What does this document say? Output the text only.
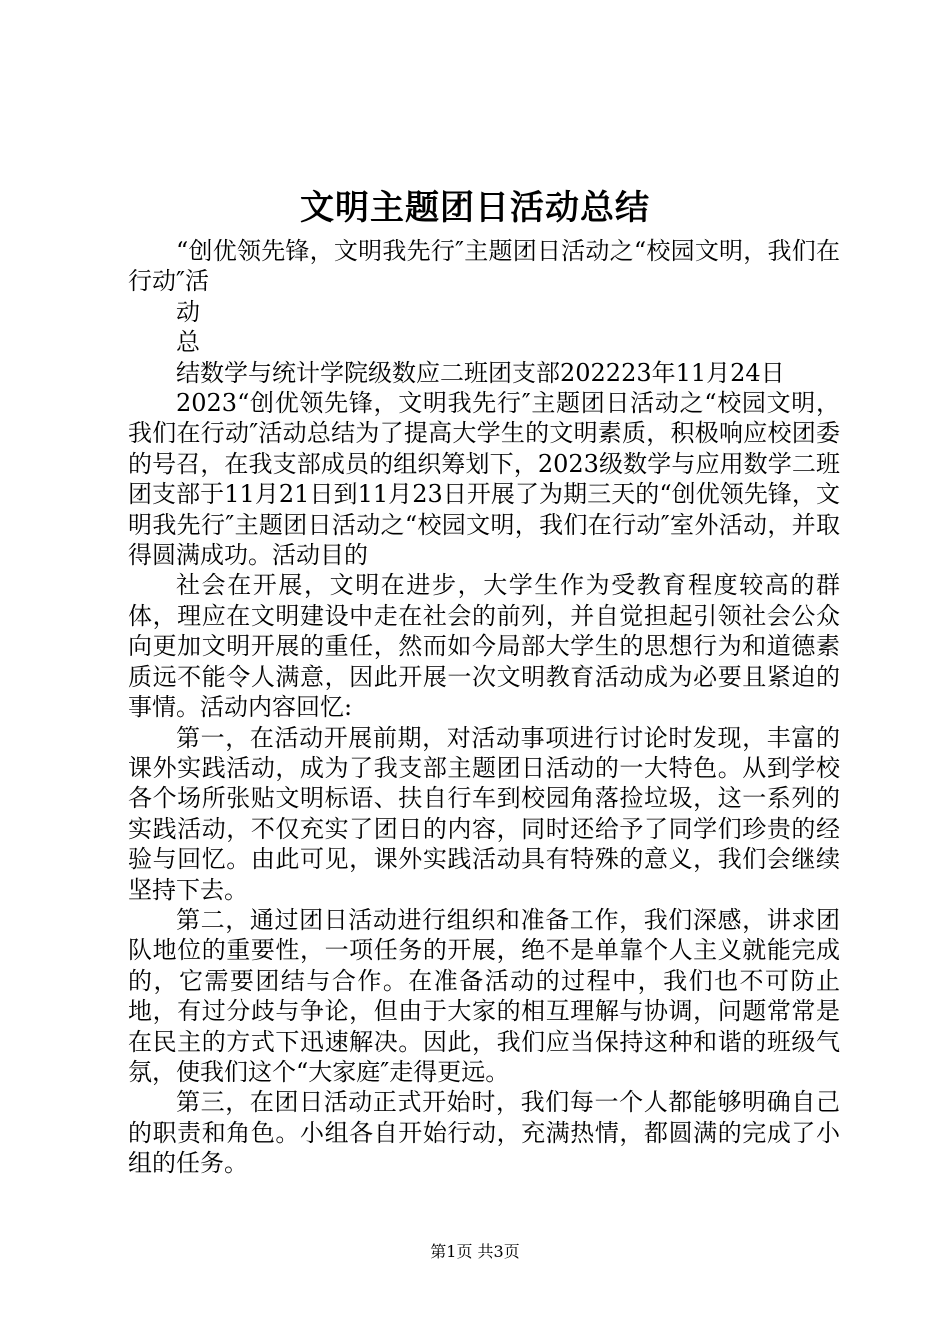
文明主题团日活动总结

“创优领先锋，文明我先行″主题团日活动之“校园文明，我们在行动″活

动

总

结数学与统计学院级数应二班团支部202223年11月24日

2023“创优领先锋，文明我先行″主题团日活动之“校园文明，我们在行动″活动总结为了提高大学生的文明素质，积极响应校团委的号召，在我支部成员的组织筹划下，2023级数学与应用数学二班团支部于11月21日到11月23日开展了为期三天的“创优领先锋，文明我先行″主题团日活动之“校园文明，我们在行动″室外活动，并取得圆满成功。活动目的

社会在开展，文明在进步，大学生作为受教育程度较高的群体，理应在文明建设中走在社会的前列，并自觉担起引领社会公众向更加文明开展的重任，然而如今局部大学生的思想行为和道德素质远不能令人满意，因此开展一次文明教育活动成为必要且紧迫的事情。活动内容回忆:

第一，在活动开展前期，对活动事项进行讨论时发现，丰富的课外实践活动，成为了我支部主题团日活动的一大特色。从到学校各个场所张贴文明标语、扶自行车到校园角落捡垃圾，这一系列的实践活动，不仅充实了团日的内容，同时还给予了同学们珍贵的经验与回忆。由此可见，课外实践活动具有特殊的意义，我们会继续坚持下去。

第二，通过团日活动进行组织和准备工作，我们深感，讲求团队地位的重要性，一项任务的开展，绝不是单靠个人主义就能完成的，它需要团结与合作。在准备活动的过程中，我们也不可防止地，有过分歧与争论，但由于大家的相互理解与协调，问题常常是在民主的方式下迅速解决。因此，我们应当保持这种和谐的班级气氛，使我们这个“大家庭″走得更远。

第三，在团日活动正式开始时，我们每一个人都能够明确自己的职责和角色。小组各自开始行动，充满热情，都圆满的完成了小组的任务。

第1页 共3页
